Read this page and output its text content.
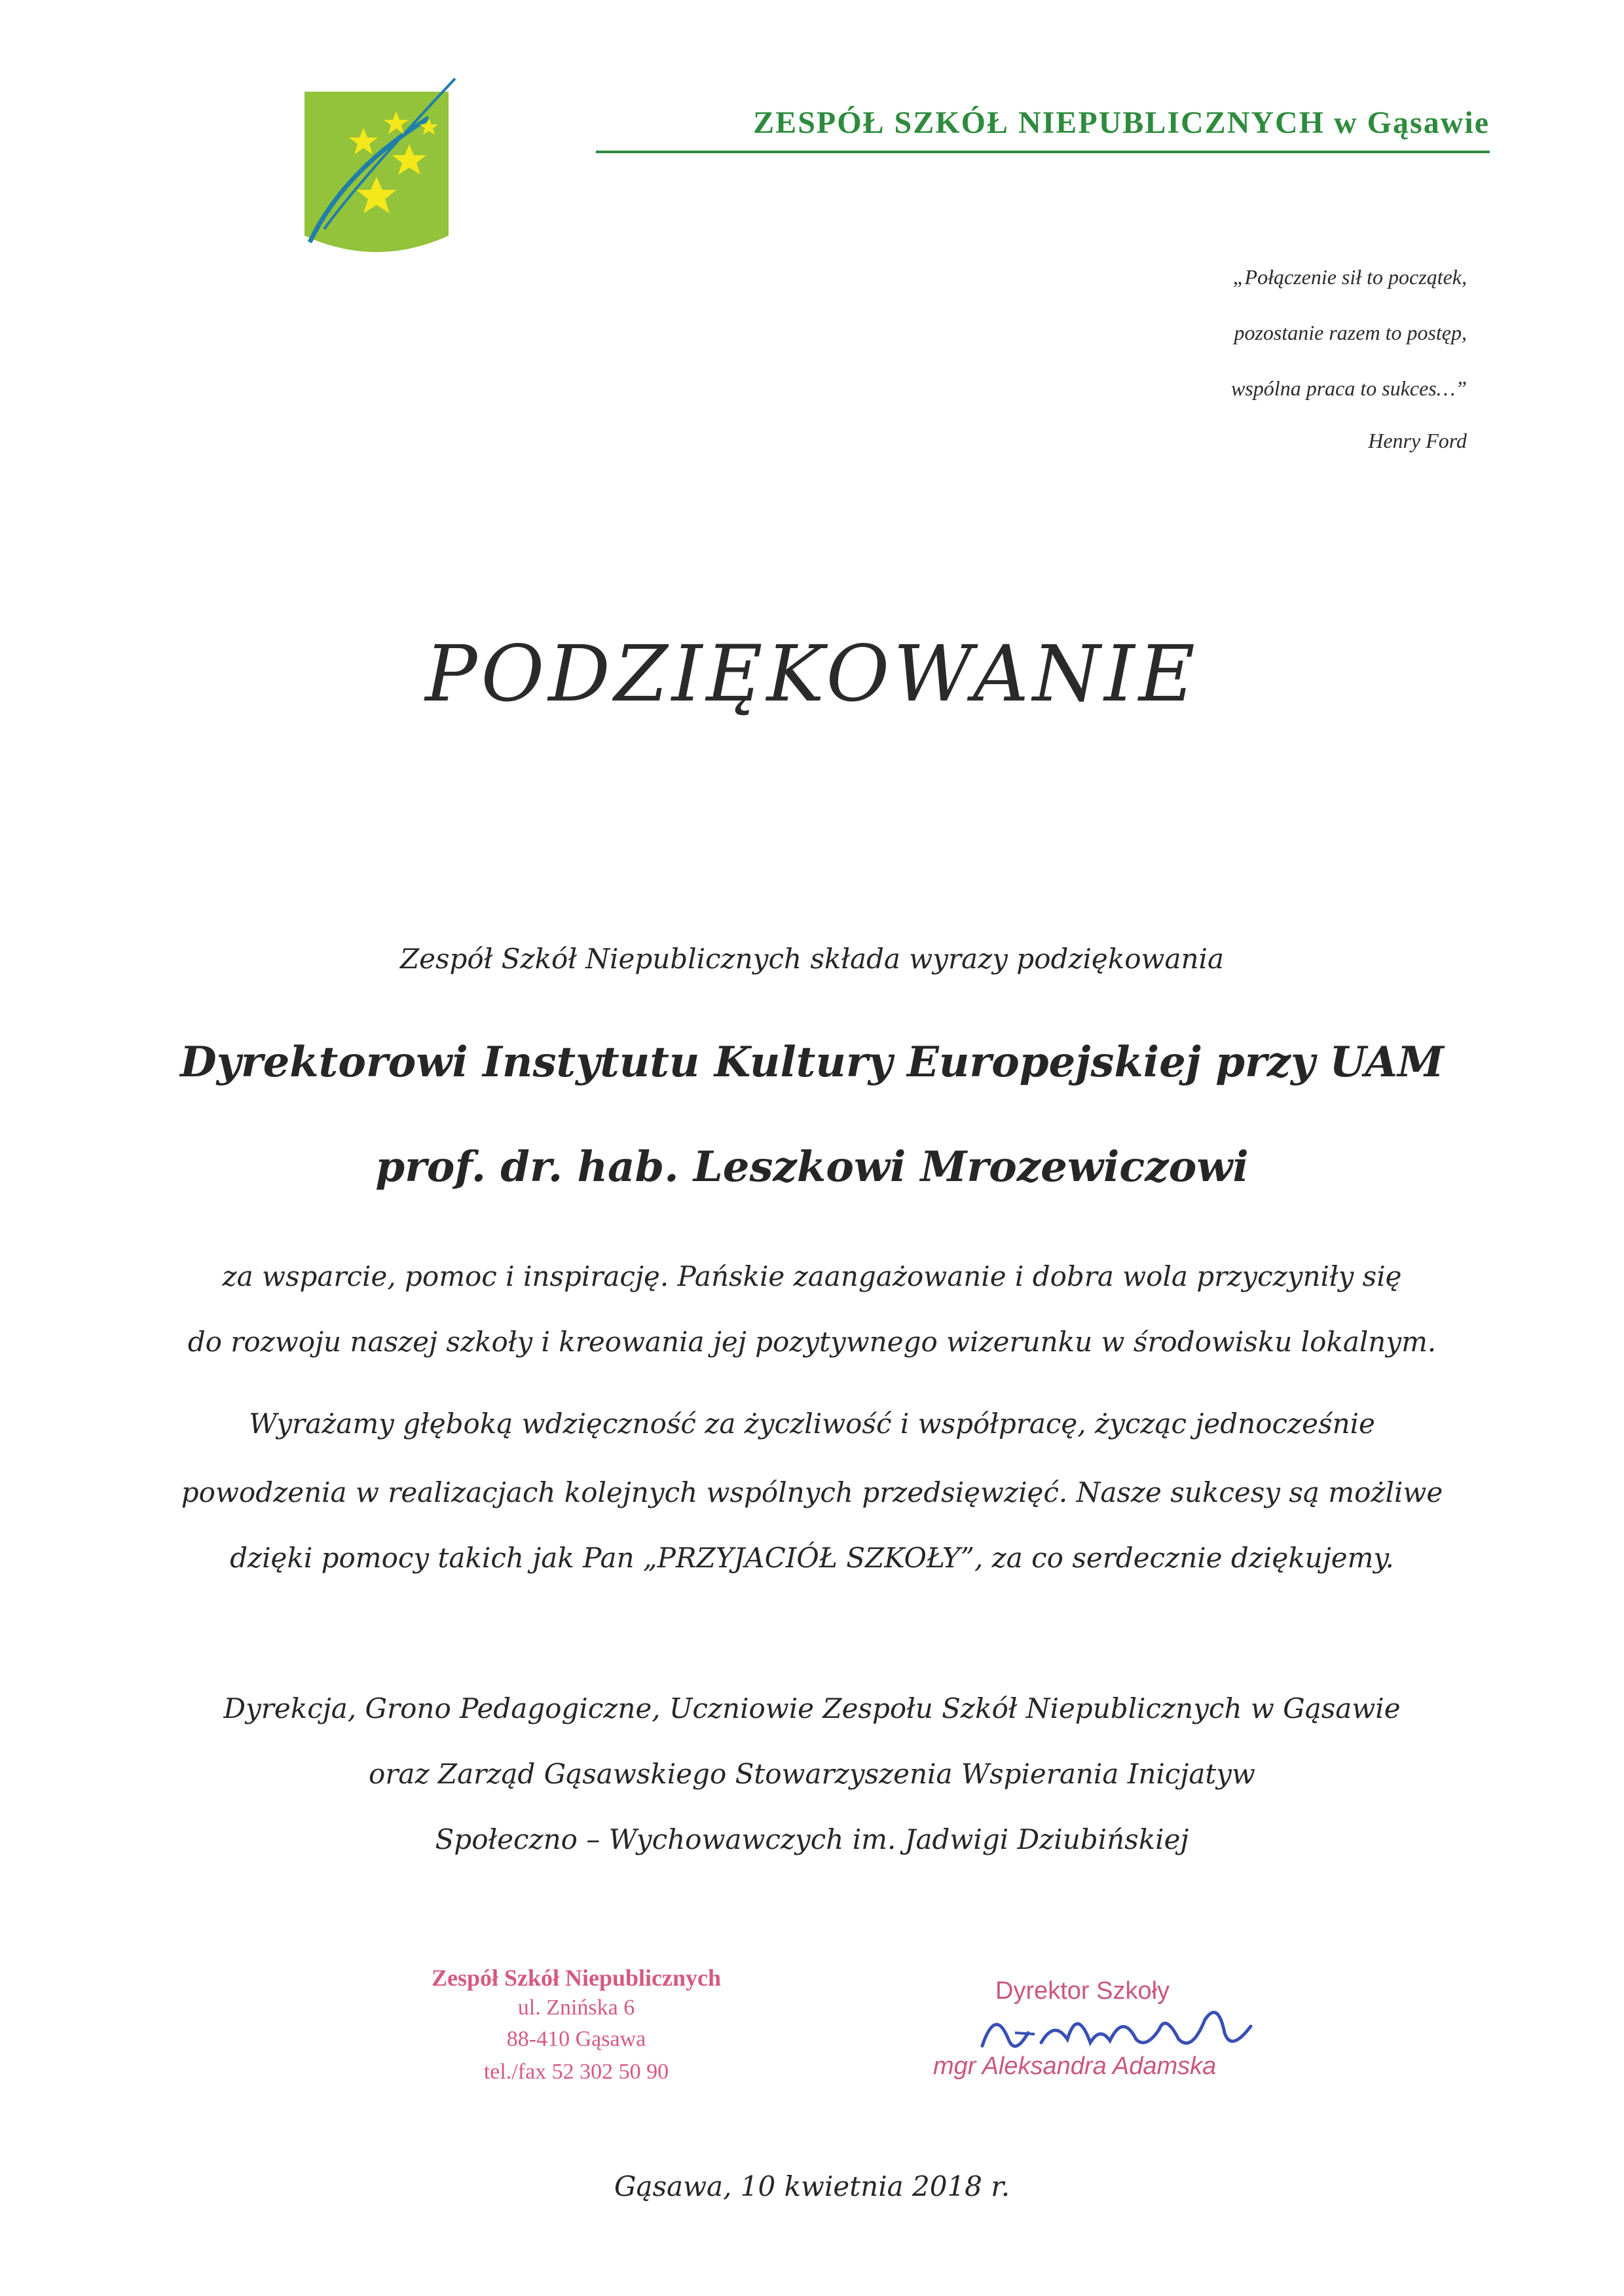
ZESPÓŁ SZKÓŁ NIEPUBLICZNYCH w Gąsawie
„Połączenie sił to początek,
pozostanie razem to postęp,
wspólna praca to sukces…”
Henry Ford
PODZIĘKOWANIE
Zespół Szkół Niepublicznych składa wyrazy podziękowania
Dyrektorowi Instytutu Kultury Europejskiej przy UAM
prof. dr. hab. Leszkowi Mrozewiczowi
za wsparcie, pomoc i inspirację. Pańskie zaangażowanie i dobra wola przyczyniły się
do rozwoju naszej szkoły i kreowania jej pozytywnego wizerunku w środowisku lokalnym.
Wyrażamy głęboką wdzięczność za życzliwość i współpracę, życząc jednocześnie
powodzenia w realizacjach kolejnych wspólnych przedsięwzięć. Nasze sukcesy są możliwe
dzięki pomocy takich jak Pan „PRZYJACIÓŁ SZKOŁY”, za co serdecznie dziękujemy.
Dyrekcja, Grono Pedagogiczne, Uczniowie Zespołu Szkół Niepublicznych w Gąsawie
oraz Zarząd Gąsawskiego Stowarzyszenia Wspierania Inicjatyw
Społeczno – Wychowawczych im. Jadwigi Dziubińskiej
Zespół Szkół Niepublicznych
ul. Znińska 6
88-410 Gąsawa
tel./fax 52 302 50 90
Dyrektor Szkoły
mgr Aleksandra Adamska
Gąsawa, 10 kwietnia 2018 r.
